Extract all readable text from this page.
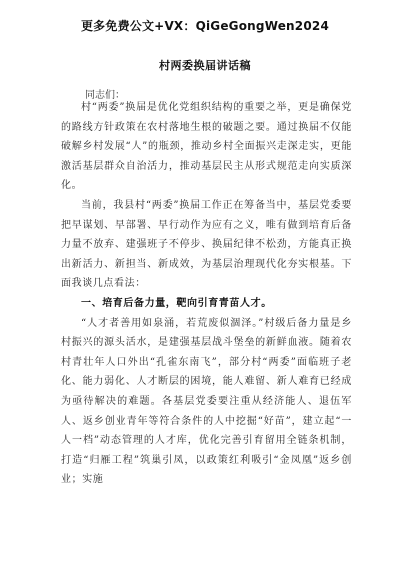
更多免费公文+VX：QiGeGongWen2024
村两委换届讲话稿
同志们：

村“两委”换届是优化党组织结构的重要之举，更是确保党的路线方针政策在农村落地生根的破题之要。通过换届不仅能破解乡村发展“人”的瓶颈，推动乡村全面振兴走深走实，更能激活基层群众自治活力，推动基层民主从形式规范走向实质深化。

当前，我县村“两委”换届工作正在筹备当中，基层党委要把早谋划、早部署、早行动作为应有之义，唯有做到培育后备力量不放弃、建强班子不停步、换届纪律不松劲，方能真正换出新活力、新担当、新成效，为基层治理现代化夯实根基。下面我谈几点看法：

一、培育后备力量，靶向引育青苗人才。

“人才者善用如泉涌，若荒废似涸泽。”村级后备力量是乡村振兴的源头活水，是建强基层战斗堡垒的新鲜血液。随着农村青壮年人口外出“孔雀东南飞”，部分村“两委”面临班子老化、能力弱化、人才断层的困境，能人难留、新人难育已经成为亟待解决的难题。各基层党委要注重从经济能人、退伍军人、返乡创业青年等符合条件的人中挖掘“好苗”，建立起“一人一档”动态管理的人才库，优化完善引育留用全链条机制，打造“归雁工程”筑巢引凤，以政策红利吸引“金凤凰”返乡创业；实施
